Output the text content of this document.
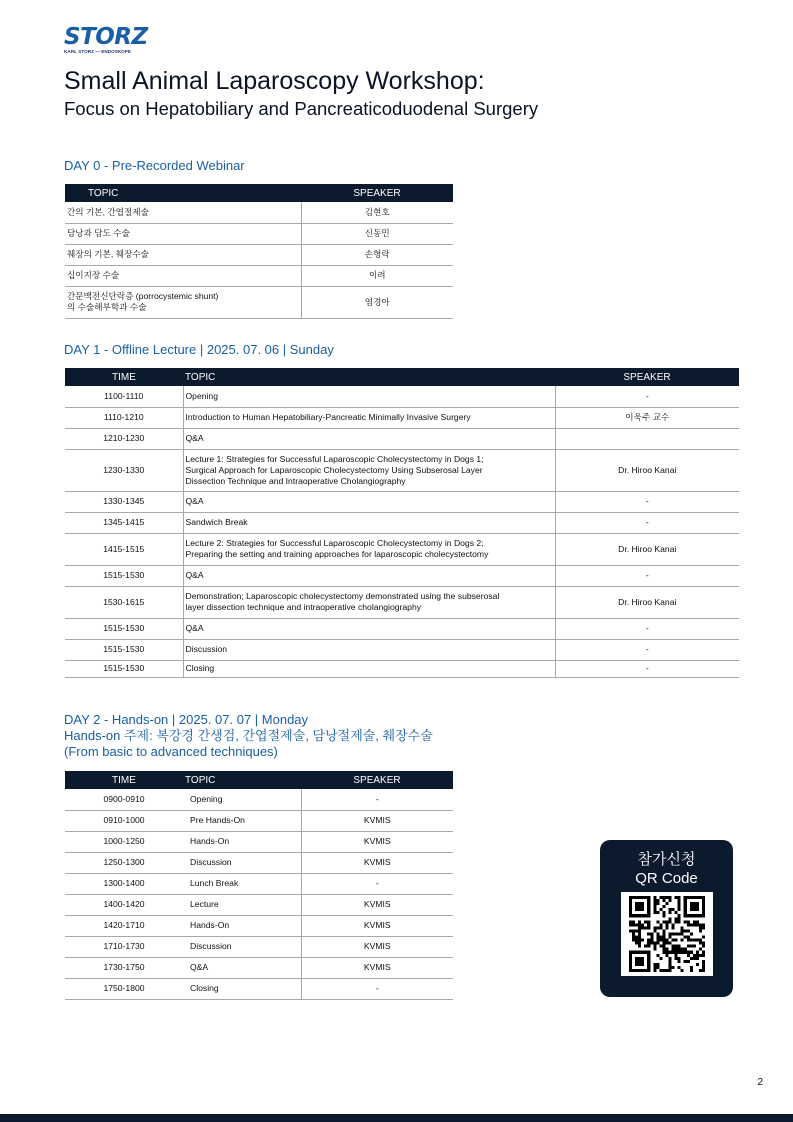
STORZ
KARL STORZ — ENDOSKOPE
Small Animal Laparoscopy Workshop:
Focus on Hepatobiliary and Pancreaticoduodenal Surgery
DAY 0 - Pre-Recorded Webinar
TOPIC	SPEAKER
간의 기본, 간엽절제술	김현호
담낭과 담도 수술	신동민
췌장의 기본, 췌장수술	손형락
십이지장 수술	이려

간문맥전신단락증 (porrocystemic shunt)
의 수술해부학과 수술	염경아
DAY 1 - Offline Lecture | 2025. 07. 06 | Sunday
TIME	TOPIC	SPEAKER
1100-1110	Opening	-
1110-1210	Introduction to Human Hepatobiliary-Pancreatic Minimally Invasive Surgery	이욱주 교수
1210-1230	Q&A	

1230-1330	Lecture 1: Strategies for Successful Laparoscopic Cholecystectomy in Dogs 1;
Surgical Approach for Laparoscopic Cholecystectomy Using Subserosal Layer
Dissection Technique and Intraoperative Cholangiography	Dr. Hiroo Kanai
1330-1345	Q&A	-
1345-1415	Sandwich Break	-
1415-1515	Lecture 2: Strategies for Successful Laparoscopic Cholecystectomy in Dogs 2;
Preparing the setting and training approaches for laparoscopic cholecystectomy	Dr. Hiroo Kanai
1515-1530	Q&A	-
1530-1615	Demonstration; Laparoscopic cholecystectomy demonstrated using the subserosal
layer dissection technique and intraoperative cholangiography	Dr. Hiroo Kanai
1515-1530	Q&A	-
1515-1530	Discussion	-
1515-1530	Closing	-
DAY 2 - Hands-on | 2025. 07. 07 | Monday
Hands-on 주제: 복강경 간생검, 간엽절제술, 담낭절제술, 췌장수술
(From basic to advanced techniques)
TIME	TOPIC	SPEAKER
0900-0910	Opening	-
0910-1000	Pre Hands-On	KVMIS
1000-1250	Hands-On	KVMIS
1250-1300	Discussion	KVMIS
1300-1400	Lunch Break	-
1400-1420	Lecture	KVMIS
1420-1710	Hands-On	KVMIS
1710-1730	Discussion	KVMIS
1730-1750	Q&A	KVMIS
1750-1800	Closing	-
참가신청
QR Code
2
